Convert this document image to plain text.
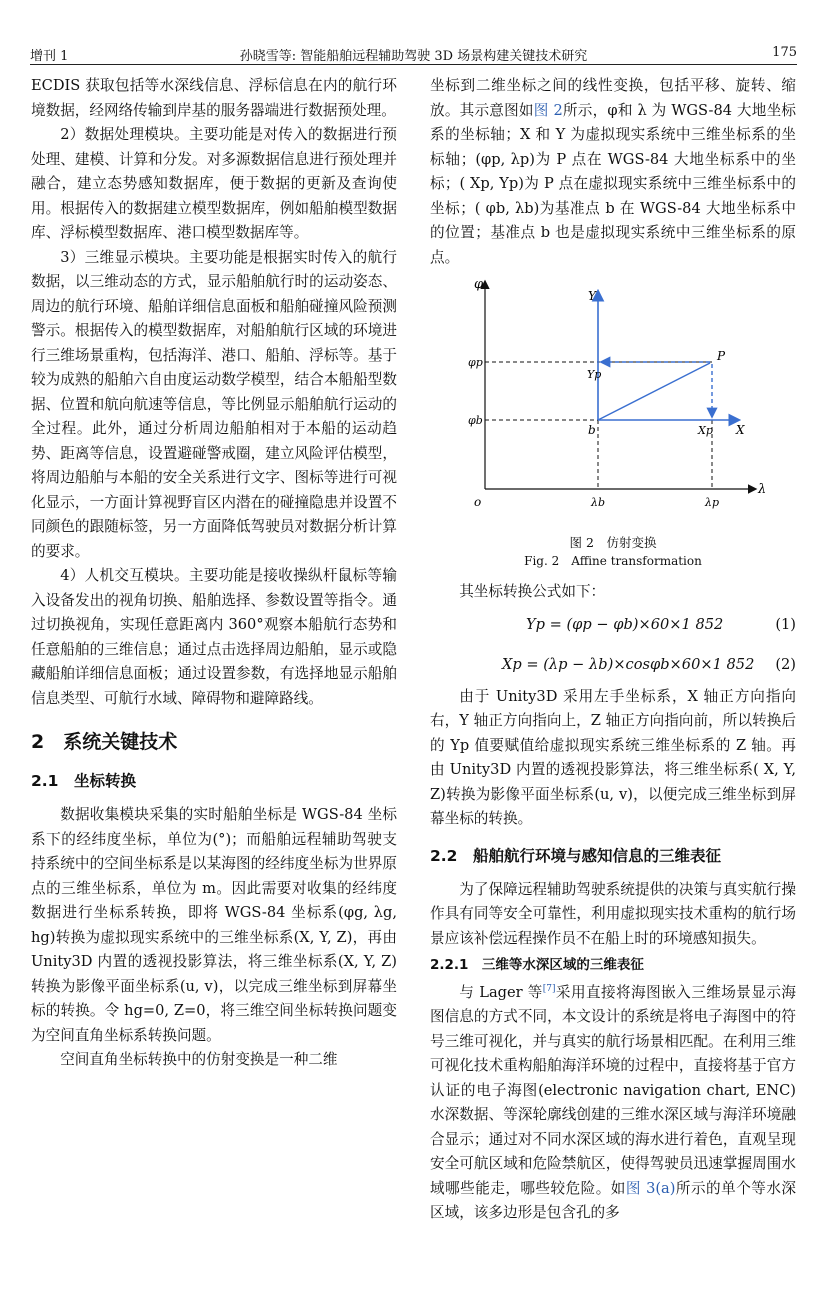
增刊 1	孙晓雪等: 智能船舶远程辅助驾驶 3D 场景构建关键技术研究	175

ECDIS 获取包括等水深线信息、浮标信息在内的航行环境数据，经网络传输到岸基的服务器端进行数据预处理。

2）数据处理模块。主要功能是对传入的数据进行预处理、建模、计算和分发。对多源数据信息进行预处理并融合，建立态势感知数据库，便于数据的更新及查询使用。根据传入的数据建立模型数据库，例如船舶模型数据库、浮标模型数据库、港口模型数据库等。

3）三维显示模块。主要功能是根据实时传入的航行数据，以三维动态的方式，显示船舶航行时的运动姿态、周边的航行环境、船舶详细信息面板和船舶碰撞风险预测警示。根据传入的模型数据库，对船舶航行区域的环境进行三维场景重构，包括海洋、港口、船舶、浮标等。基于较为成熟的船舶六自由度运动数学模型，结合本船船型数据、位置和航向航速等信息，等比例显示船舶航行运动的全过程。此外，通过分析周边船舶相对于本船的运动趋势、距离等信息，设置避碰警戒圈，建立风险评估模型，将周边船舶与本船的安全关系进行文字、图标等进行可视化显示，一方面计算视野盲区内潜在的碰撞隐患并设置不同颜色的跟随标签，另一方面降低驾驶员对数据分析计算的要求。

4）人机交互模块。主要功能是接收操纵杆鼠标等输入设备发出的视角切换、船舶选择、参数设置等指令。通过切换视角，实现任意距离内 360°观察本船航行态势和任意船舶的三维信息；通过点击选择周边船舶，显示或隐藏船舶详细信息面板；通过设置参数，有选择地显示船舶信息类型、可航行水域、障碍物和避障路线。

2　系统关键技术
2.1　坐标转换

数据收集模块采集的实时船舶坐标是 WGS-84 坐标系下的经纬度坐标，单位为(°)；而船舶远程辅助驾驶支持系统中的空间坐标系是以某海图的经纬度坐标为世界原点的三维坐标系，单位为 m。因此需要对收集的经纬度数据进行坐标系转换，即将 WGS-84 坐标系(φg, λg, hg)转换为虚拟现实系统中的三维坐标系(X, Y, Z)，再由 Unity3D 内置的透视投影算法，将三维坐标系(X, Y, Z)转换为影像平面坐标系(u, v)，以完成三维坐标到屏幕坐标的转换。令 hg=0, Z=0，将三维空间坐标转换问题变为空间直角坐标系转换问题。

空间直角坐标转换中的仿射变换是一种二维

坐标到二维坐标之间的线性变换，包括平移、旋转、缩放。其示意图如图 2所示，φ和 λ 为 WGS-84 大地坐标系的坐标轴；X 和 Y 为虚拟现实系统中三维坐标系的坐标轴；(φp, λp)为 P 点在 WGS-84 大地坐标系中的坐标；( Xp, Yp)为 P 点在虚拟现实系统中三维坐标系中的坐标；( φb, λb)为基准点 b 在 WGS-84 大地坐标系中的位置；基准点 b 也是虚拟现实系统中三维坐标系的原点。

φ
λ
Y
X
o
φp
φb
λb	λp
P
b
Yp
Xp
图 2　仿射变换
Fig. 2　Affine transformation

其坐标转换公式如下：

Yp = (φp − φb)×60×1 852	(1)
Xp = (λp − λb)×cosφb×60×1 852 (2)

由于 Unity3D 采用左手坐标系，X 轴正方向指向右，Y 轴正方向指向上，Z 轴正方向指向前，所以转换后的 Yp 值要赋值给虚拟现实系统三维坐标系的 Z 轴。再由 Unity3D 内置的透视投影算法，将三维坐标系( X, Y, Z)转换为影像平面坐标系(u, v)，以便完成三维坐标到屏幕坐标的转换。

2.2　船舶航行环境与感知信息的三维表征

为了保障远程辅助驾驶系统提供的决策与真实航行操作具有同等安全可靠性，利用虚拟现实技术重构的航行场景应该补偿远程操作员不在船上时的环境感知损失。

2.2.1　三维等水深区域的三维表征

与 Lager 等[7]采用直接将海图嵌入三维场景显示海图信息的方式不同，本文设计的系统是将电子海图中的符号三维可视化，并与真实的航行场景相匹配。在利用三维可视化技术重构船舶海洋环境的过程中，直接将基于官方认证的电子海图(electronic navigation chart, ENC)水深数据、等深轮廓线创建的三维水深区域与海洋环境融合显示；通过对不同水深区域的海水进行着色，直观呈现安全可航区域和危险禁航区，使得驾驶员迅速掌握周围水域哪些能走，哪些较危险。如图 3(a)所示的单个等水深区域，该多边形是包含孔的多
